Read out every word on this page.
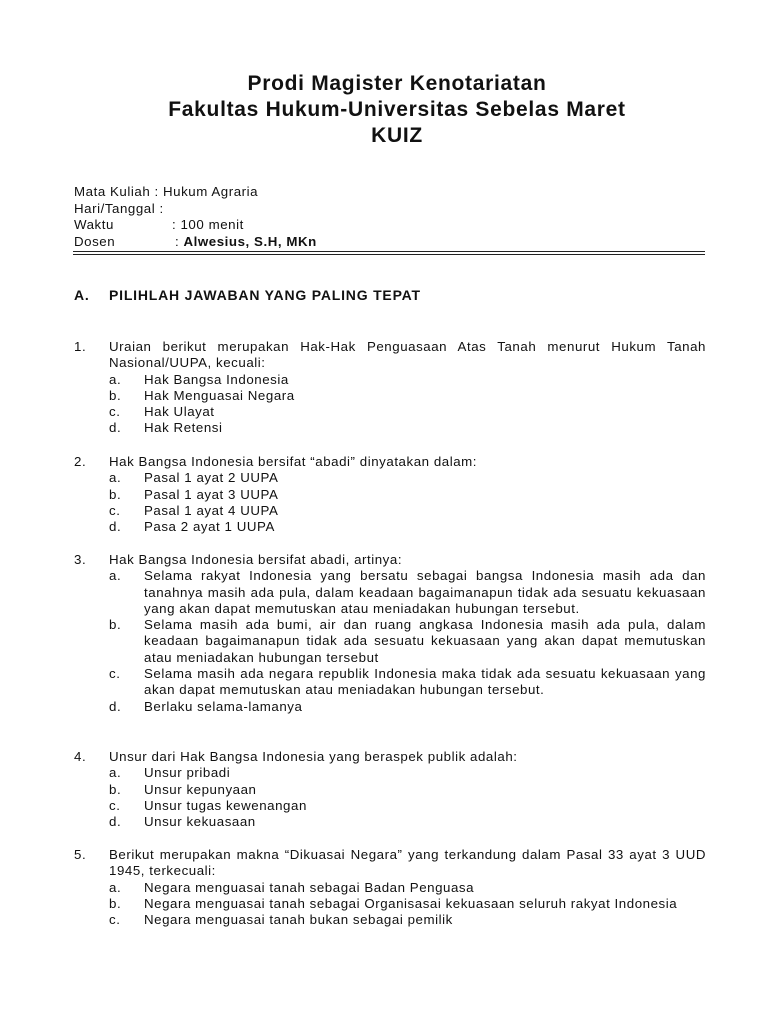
Prodi Magister Kenotariatan
Fakultas Hukum-Universitas Sebelas Maret
KUIZ
Mata Kuliah : Hukum Agraria
Hari/Tanggal :
Waktu	: 100 menit
Dosen	: Alwesius, S.H, MKn
A. PILIHLAH JAWABAN YANG PALING TEPAT
1. Uraian berikut merupakan Hak-Hak Penguasaan Atas Tanah menurut Hukum Tanah Nasional/UUPA, kecuali:
a. Hak Bangsa Indonesia
b. Hak Menguasai Negara
c. Hak Ulayat
d. Hak Retensi
2. Hak Bangsa Indonesia bersifat “abadi” dinyatakan dalam:
a. Pasal 1 ayat 2 UUPA
b. Pasal 1 ayat 3 UUPA
c. Pasal 1 ayat 4 UUPA
d. Pasa 2 ayat 1 UUPA
3. Hak Bangsa Indonesia bersifat abadi, artinya:
a. Selama rakyat Indonesia yang bersatu sebagai bangsa Indonesia masih ada dan tanahnya masih ada pula, dalam keadaan bagaimanapun tidak ada sesuatu kekuasaan yang akan dapat memutuskan atau meniadakan hubungan tersebut.
b. Selama masih ada bumi, air dan ruang angkasa Indonesia masih ada pula, dalam keadaan bagaimanapun tidak ada sesuatu kekuasaan yang akan dapat memutuskan atau meniadakan hubungan tersebut
c. Selama masih ada negara republik Indonesia maka tidak ada sesuatu kekuasaan yang akan dapat memutuskan atau meniadakan hubungan tersebut.
d. Berlaku selama-lamanya
4. Unsur dari Hak Bangsa Indonesia yang beraspek publik adalah:
a. Unsur pribadi
b. Unsur kepunyaan
c. Unsur tugas kewenangan
d. Unsur kekuasaan
5. Berikut merupakan makna “Dikuasai Negara” yang terkandung dalam Pasal 33 ayat 3 UUD 1945, terkecuali:
a. Negara menguasai tanah sebagai Badan Penguasa
b. Negara menguasai tanah sebagai Organisasai kekuasaan seluruh rakyat Indonesia
c. Negara menguasai tanah bukan sebagai pemilik
